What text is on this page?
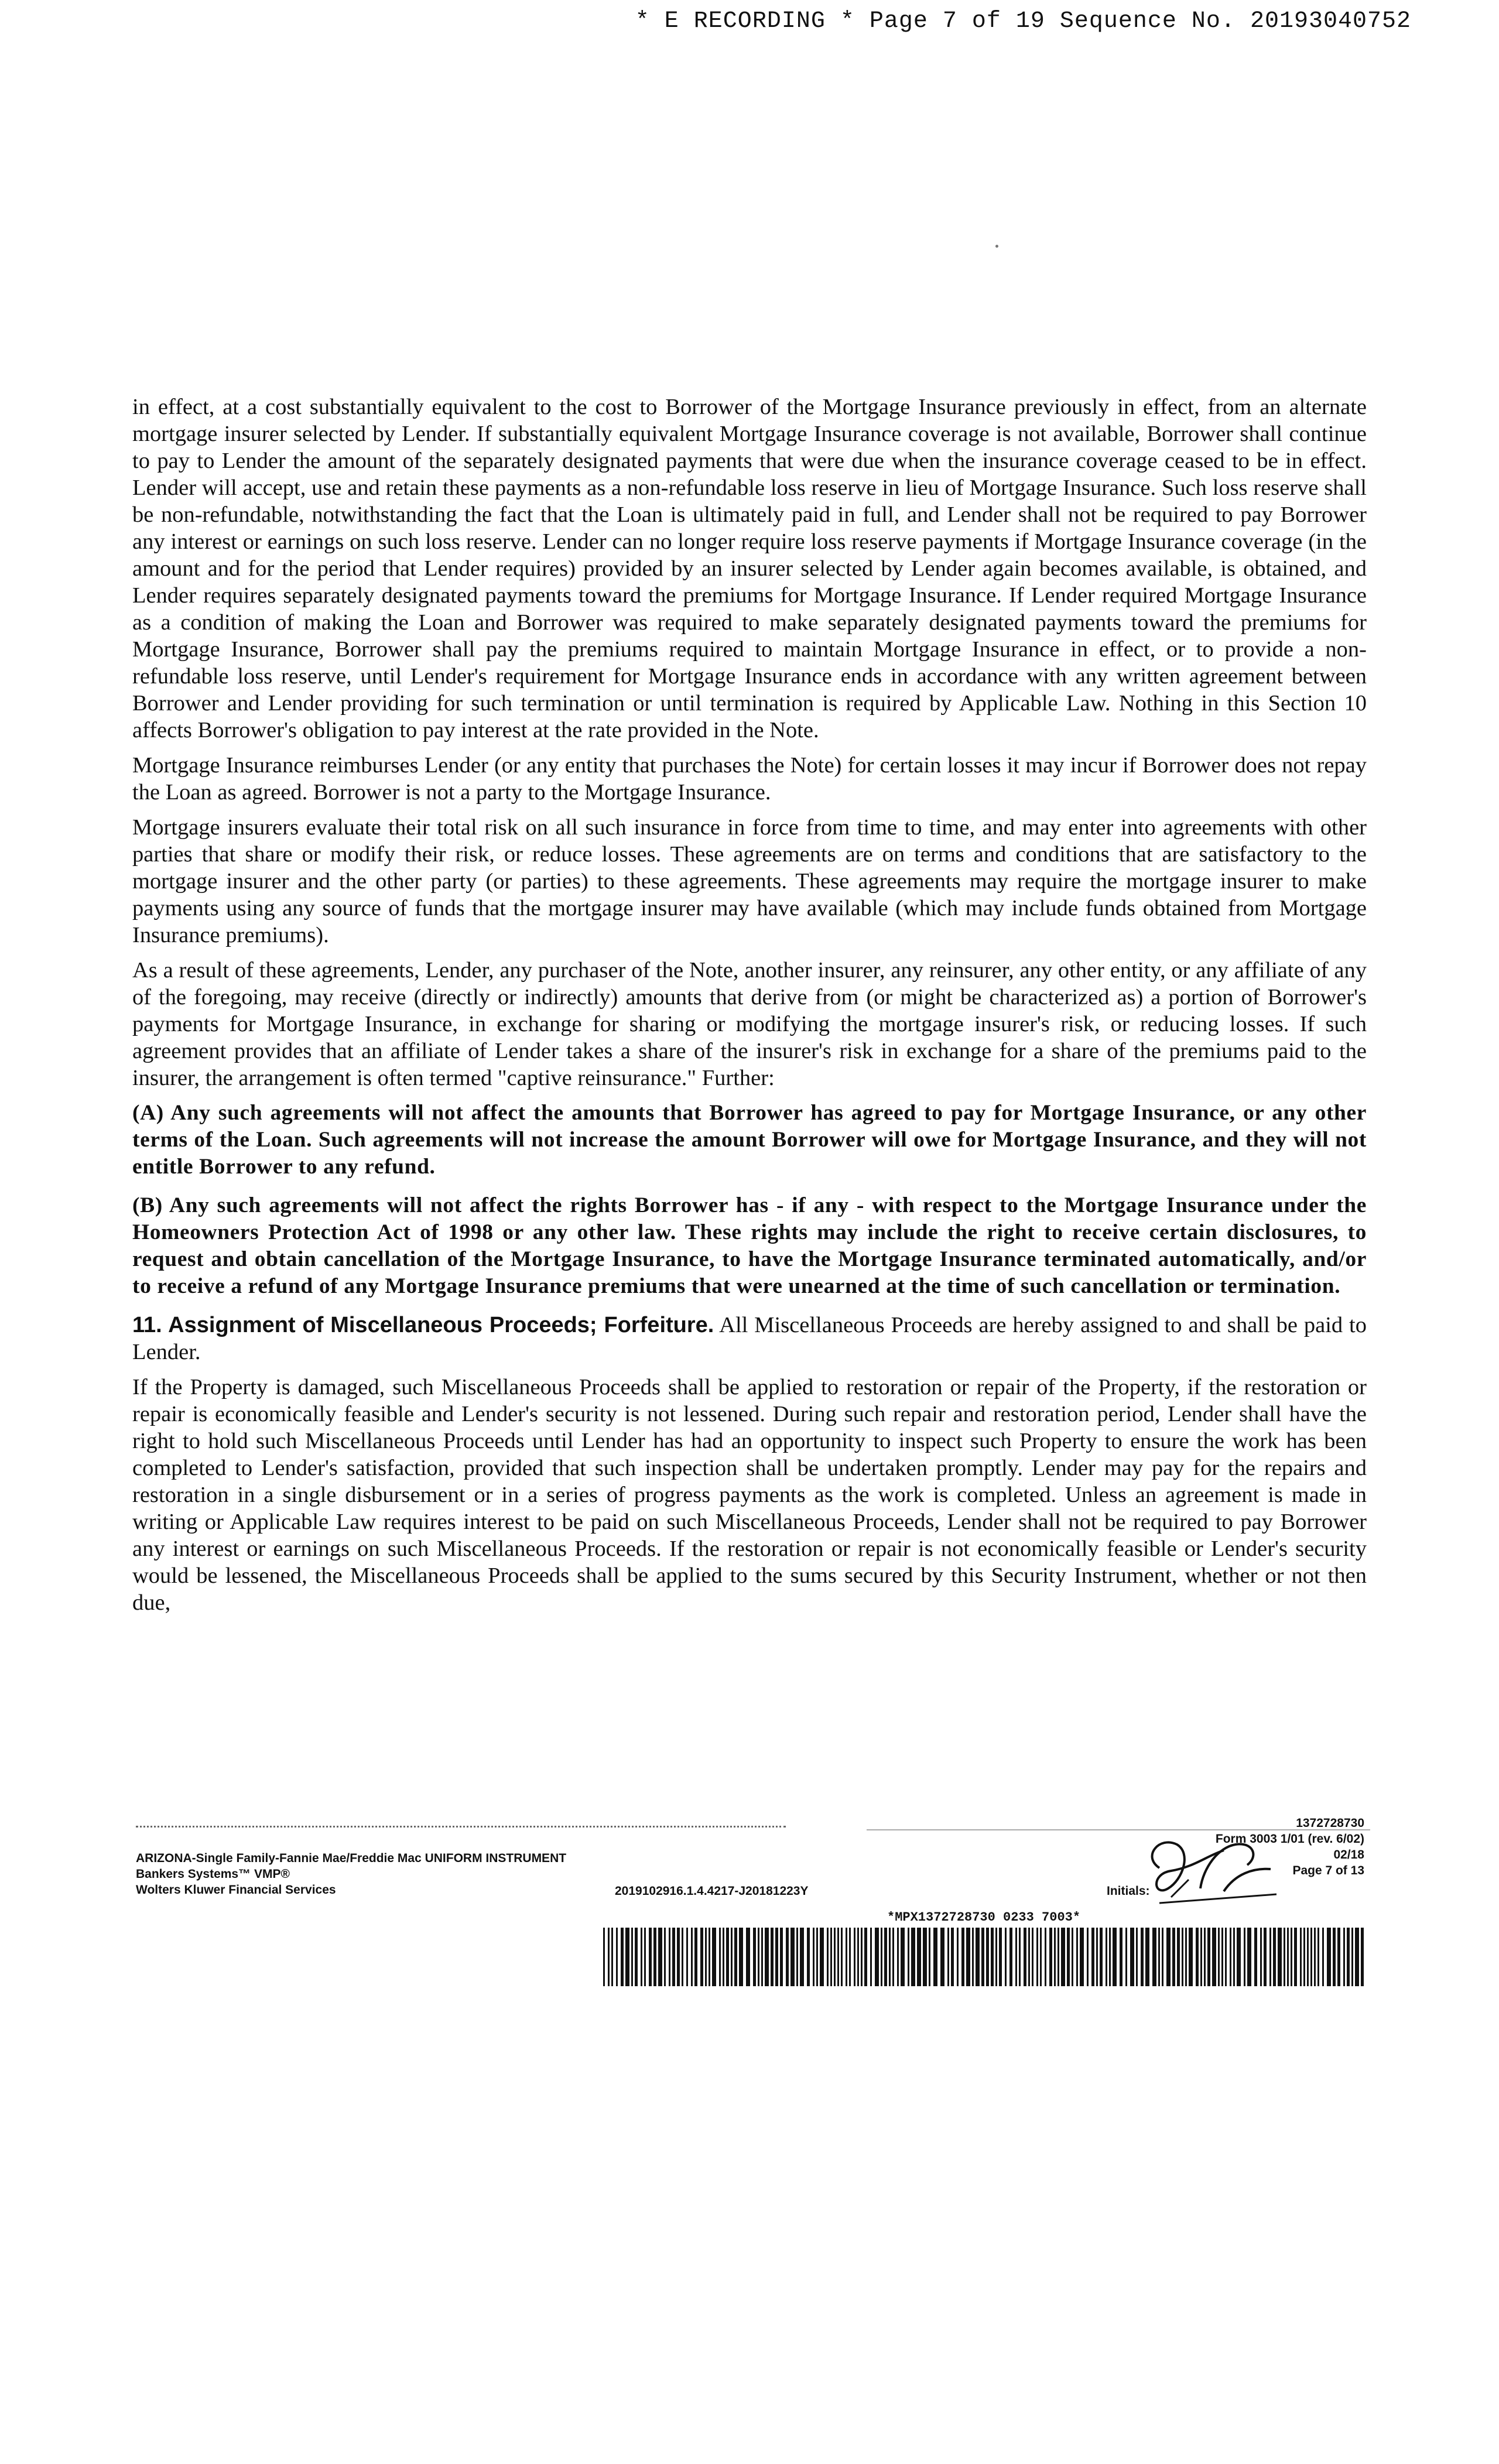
* E RECORDING * Page 7 of 19 Sequence No. 20193040752

in effect, at a cost substantially equivalent to the cost to Borrower of the Mortgage Insurance previously in effect, from an alternate mortgage insurer selected by Lender. If substantially equivalent Mortgage Insurance coverage is not available, Borrower shall continue to pay to Lender the amount of the separately designated payments that were due when the insurance coverage ceased to be in effect. Lender will accept, use and retain these payments as a non-refundable loss reserve in lieu of Mortgage Insurance. Such loss reserve shall be non-refundable, notwithstanding the fact that the Loan is ultimately paid in full, and Lender shall not be required to pay Borrower any interest or earnings on such loss reserve. Lender can no longer require loss reserve payments if Mortgage Insurance coverage (in the amount and for the period that Lender requires) provided by an insurer selected by Lender again becomes available, is obtained, and Lender requires separately designated payments toward the premiums for Mortgage Insurance. If Lender required Mortgage Insurance as a condition of making the Loan and Borrower was required to make separately designated payments toward the premiums for Mortgage Insurance, Borrower shall pay the premiums required to maintain Mortgage Insurance in effect, or to provide a non-refundable loss reserve, until Lender's requirement for Mortgage Insurance ends in accordance with any written agreement between Borrower and Lender providing for such termination or until termination is required by Applicable Law. Nothing in this Section 10 affects Borrower's obligation to pay interest at the rate provided in the Note.

Mortgage Insurance reimburses Lender (or any entity that purchases the Note) for certain losses it may incur if Borrower does not repay the Loan as agreed. Borrower is not a party to the Mortgage Insurance.

Mortgage insurers evaluate their total risk on all such insurance in force from time to time, and may enter into agreements with other parties that share or modify their risk, or reduce losses. These agreements are on terms and conditions that are satisfactory to the mortgage insurer and the other party (or parties) to these agreements. These agreements may require the mortgage insurer to make payments using any source of funds that the mortgage insurer may have available (which may include funds obtained from Mortgage Insurance premiums).

As a result of these agreements, Lender, any purchaser of the Note, another insurer, any reinsurer, any other entity, or any affiliate of any of the foregoing, may receive (directly or indirectly) amounts that derive from (or might be characterized as) a portion of Borrower's payments for Mortgage Insurance, in exchange for sharing or modifying the mortgage insurer's risk, or reducing losses. If such agreement provides that an affiliate of Lender takes a share of the insurer's risk in exchange for a share of the premiums paid to the insurer, the arrangement is often termed "captive reinsurance." Further:

(A) Any such agreements will not affect the amounts that Borrower has agreed to pay for Mortgage Insurance, or any other terms of the Loan. Such agreements will not increase the amount Borrower will owe for Mortgage Insurance, and they will not entitle Borrower to any refund.

(B) Any such agreements will not affect the rights Borrower has - if any - with respect to the Mortgage Insurance under the Homeowners Protection Act of 1998 or any other law. These rights may include the right to receive certain disclosures, to request and obtain cancellation of the Mortgage Insurance, to have the Mortgage Insurance terminated automatically, and/or to receive a refund of any Mortgage Insurance premiums that were unearned at the time of such cancellation or termination.

11. Assignment of Miscellaneous Proceeds; Forfeiture. All Miscellaneous Proceeds are hereby assigned to and shall be paid to Lender.

If the Property is damaged, such Miscellaneous Proceeds shall be applied to restoration or repair of the Property, if the restoration or repair is economically feasible and Lender's security is not lessened. During such repair and restoration period, Lender shall have the right to hold such Miscellaneous Proceeds until Lender has had an opportunity to inspect such Property to ensure the work has been completed to Lender's satisfaction, provided that such inspection shall be undertaken promptly. Lender may pay for the repairs and restoration in a single disbursement or in a series of progress payments as the work is completed. Unless an agreement is made in writing or Applicable Law requires interest to be paid on such Miscellaneous Proceeds, Lender shall not be required to pay Borrower any interest or earnings on such Miscellaneous Proceeds. If the restoration or repair is not economically feasible or Lender's security would be lessened, the Miscellaneous Proceeds shall be applied to the sums secured by this Security Instrument, whether or not then due,

ARIZONA-Single Family-Fannie Mae/Freddie Mac UNIFORM INSTRUMENT
Bankers Systems™ VMP®
Wolters Kluwer Financial Services	2019102916.1.4.4217-J20181223Y
1372728730
Form 3003 1/01 (rev. 6/02)
02/18
Page 7 of 13
Initials:
*MPX1372728730 0233 7003*
